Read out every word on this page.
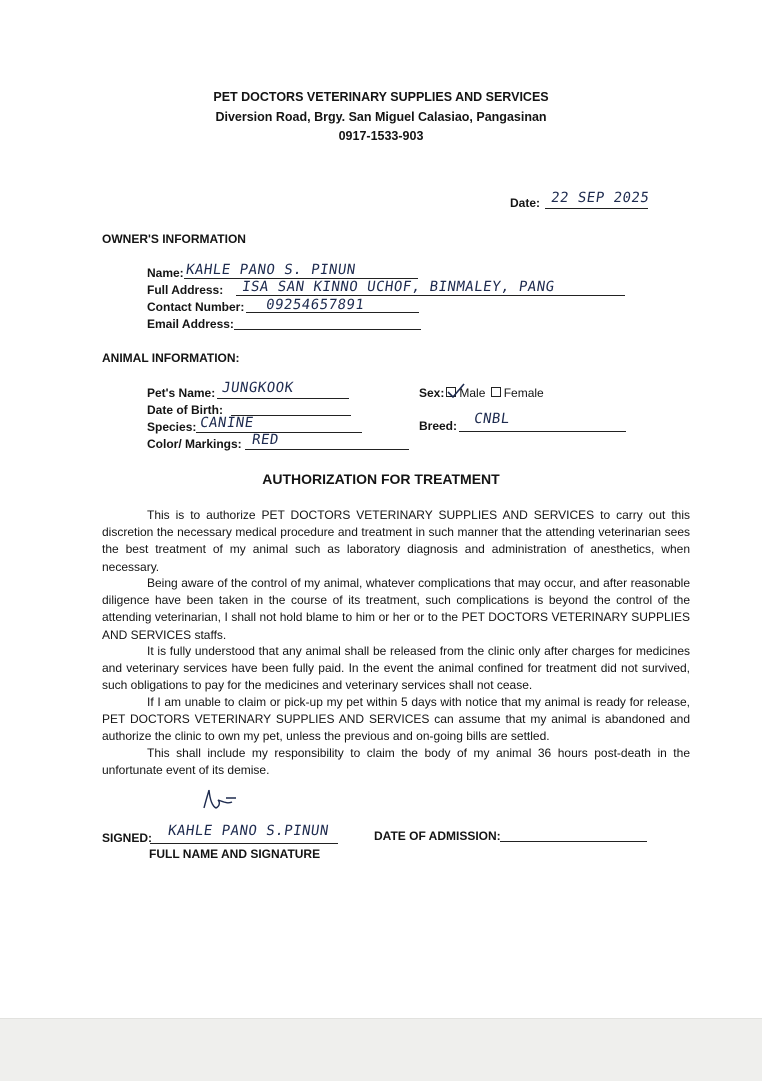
PET DOCTORS VETERINARY SUPPLIES AND SERVICES
Diversion Road, Brgy. San Miguel Calasiao, Pangasinan
0917-1533-903
Date: 22 SEP 2025
OWNER'S INFORMATION
Name: KAHLE PANO S. PINUN
Full Address: ISA SAN KINNO UCHOF, BINMALEY, PANG
Contact Number: 09254657891
Email Address:
ANIMAL INFORMATION:
Pet's Name: JUNGKOOK
Date of Birth:
Species: CANINE
Color/ Markings: RED
Sex: Male Female
Breed: CNBL
AUTHORIZATION FOR TREATMENT
This is to authorize PET DOCTORS VETERINARY SUPPLIES AND SERVICES to carry out this discretion the necessary medical procedure and treatment in such manner that the attending veterinarian sees the best treatment of my animal such as laboratory diagnosis and administration of anesthetics, when necessary.
Being aware of the control of my animal, whatever complications that may occur, and after reasonable diligence have been taken in the course of its treatment, such complications is beyond the control of the attending veterinarian, I shall not hold blame to him or her or to the PET DOCTORS VETERINARY SUPPLIES AND SERVICES staffs.
It is fully understood that any animal shall be released from the clinic only after charges for medicines and veterinary services have been fully paid. In the event the animal confined for treatment did not survived, such obligations to pay for the medicines and veterinary services shall not cease.
If I am unable to claim or pick-up my pet within 5 days with notice that my animal is ready for release, PET DOCTORS VETERINARY SUPPLIES AND SERVICES can assume that my animal is abandoned and authorize the clinic to own my pet, unless the previous and on-going bills are settled.
This shall include my responsibility to claim the body of my animal 36 hours post-death in the unfortunate event of its demise.
SIGNED: KAHLE PANO S.PINUN
FULL NAME AND SIGNATURE
DATE OF ADMISSION:
